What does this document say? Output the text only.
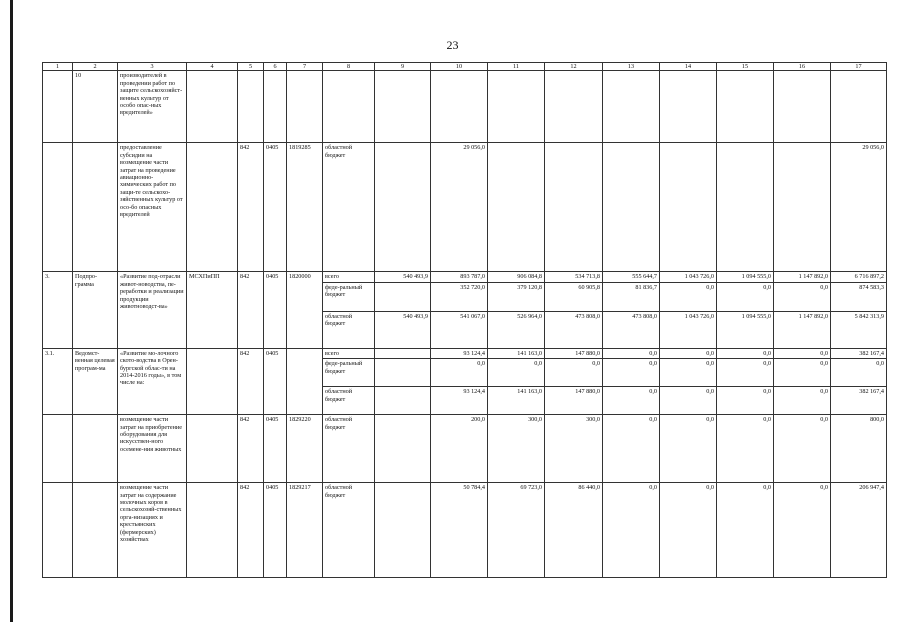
23
1	2	3	4	5	6	7	8	9	10	11	12	13	14	15	16	17
	10	производителей в проведении работ по защите сельскохозяйст-венных культур от особо опас-ных вредителей»														
		предоставление субсидии на возмещение части затрат на проведение авиационно-химических работ по защи-те сельскохо-зяйственных культур от осо-бо опасных вредителей		842	0405	1819285	областной бюджет		29 056,0							29 056,0
3.	Подпро-грамма	«Развитие под-отрасли живот-новодства, пе-реработки и реализации продукции животноводст-ва»	МСХПиПП	842	0405	1820000	всего	540 493,9	893 787,0	906 084,8	534 713,8	555 644,7	1 043 726,0	1 094 555,0	1 147 892,0	6 716 897,2
							феде-ральный бюджет		352 720,0	379 120,8	60 905,8	81 836,7	0,0	0,0	0,0	874 583,3
							областной бюджет	540 493,9	541 067,0	526 964,0	473 808,0	473 808,0	1 043 726,0	1 094 555,0	1 147 892,0	5 842 313,9
3.1.	Ведомст-венная целевая програм-ма	«Развитие мо-лочного ското-водства в Орен-бургской облас-ти на 2014-2016 годы», в том числе на:		842	0405		всего		93 124,4	141 163,0	147 880,0	0,0	0,0	0,0	0,0	382 167,4
							феде-ральный бюджет		0,0	0,0	0,0	0,0	0,0	0,0	0,0	0,0
							областной бюджет		93 124,4	141 163,0	147 880,0	0,0	0,0	0,0	0,0	382 167,4
		возмещение части затрат на приобретение оборудования для искусствен-ного осемене-ния животных		842	0405	1829220	областной бюджет		200,0	300,0	300,0	0,0	0,0	0,0	0,0	800,0
		возмещение части затрат на содержание молочных коров в сельскохозяй-ственных орга-низациях и крестьянских (фермерских) хозяйствах		842	0405	1829217	областной бюджет		50 784,4	69 723,0	86 440,0	0,0	0,0	0,0	0,0	206 947,4
